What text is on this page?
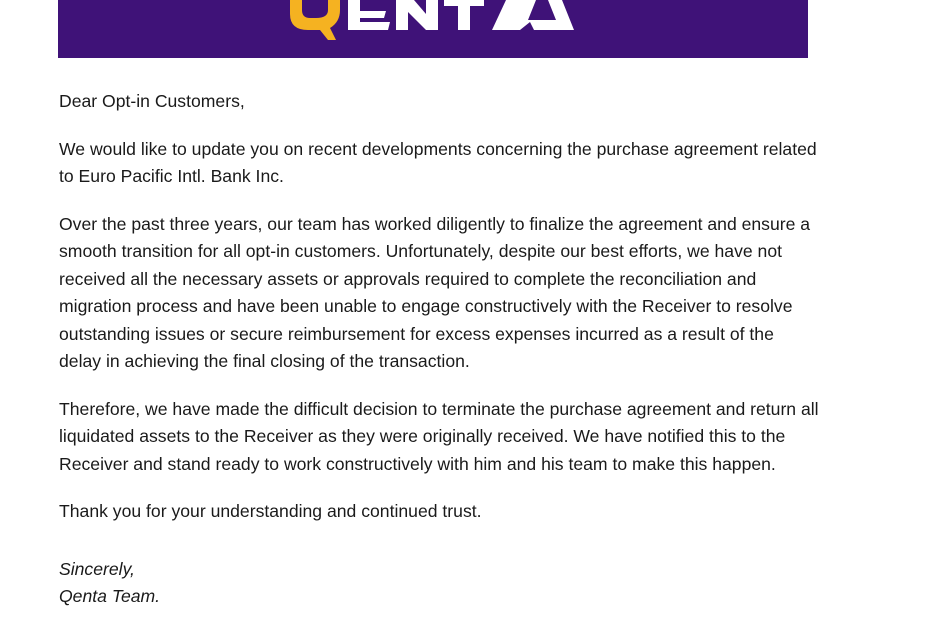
Dear Opt-in Customers,

We would like to update you on recent developments concerning the purchase agreement related to Euro Pacific Intl. Bank Inc.

Over the past three years, our team has worked diligently to finalize the agreement and ensure a smooth transition for all opt-in customers. Unfortunately, despite our best efforts, we have not received all the necessary assets or approvals required to complete the reconciliation and migration process and have been unable to engage constructively with the Receiver to resolve outstanding issues or secure reimbursement for excess expenses incurred as a result of the delay in achieving the final closing of the transaction.

Therefore, we have made the difficult decision to terminate the purchase agreement and return all liquidated assets to the Receiver as they were originally received. We have notified this to the Receiver and stand ready to work constructively with him and his team to make this happen.

Thank you for your understanding and continued trust.

Sincerely,

Qenta Team.
